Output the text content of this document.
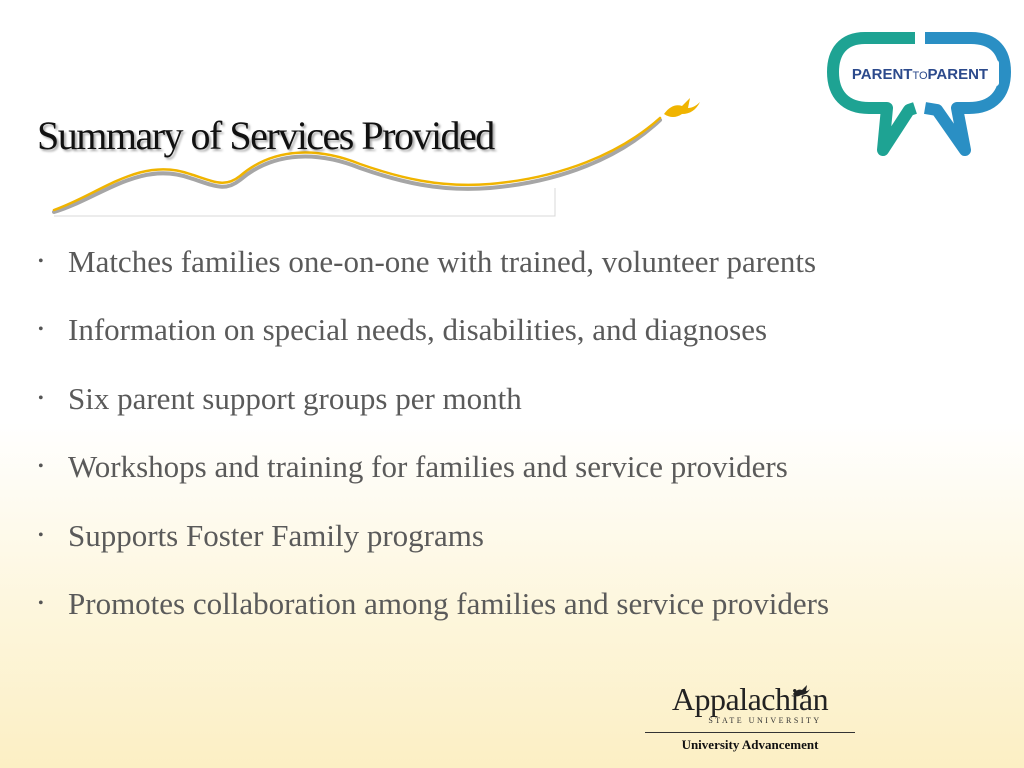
Summary of Services Provided
PARENTTOPARENT
• Matches families one-on-one with trained, volunteer parents
• Information on special needs, disabilities, and diagnoses
• Six parent support groups per month
• Workshops and training for families and service providers
• Supports Foster Family programs
• Promotes collaboration among families and service providers
Appalachian
STATE UNIVERSITY
University Advancement
